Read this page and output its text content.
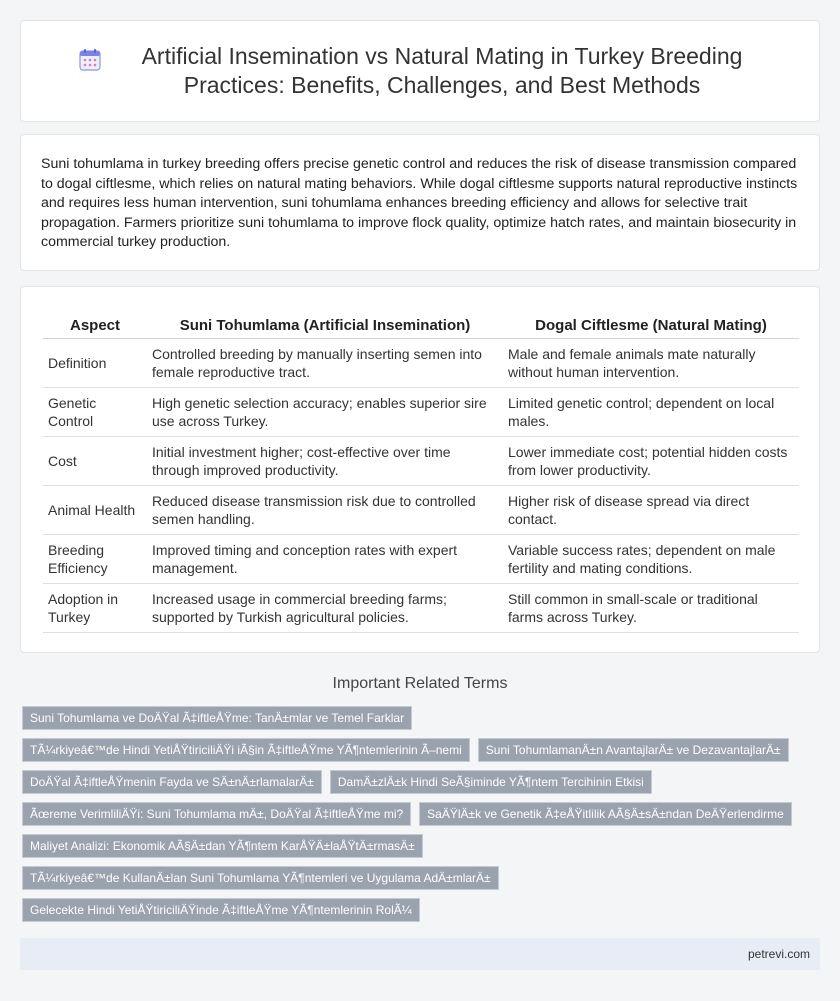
Artificial Insemination vs Natural Mating in Turkey Breeding Practices: Benefits, Challenges, and Best Methods

Suni tohumlama in turkey breeding offers precise genetic control and reduces the risk of disease transmission compared to dogal ciftlesme, which relies on natural mating behaviors. While dogal ciftlesme supports natural reproductive instincts and requires less human intervention, suni tohumlama enhances breeding efficiency and allows for selective trait propagation. Farmers prioritize suni tohumlama to improve flock quality, optimize hatch rates, and maintain biosecurity in commercial turkey production.

Aspect	Suni Tohumlama (Artificial Insemination)	Dogal Ciftlesme (Natural Mating)
Definition	Controlled breeding by manually inserting semen into female reproductive tract.	Male and female animals mate naturally without human intervention.
Genetic Control	High genetic selection accuracy; enables superior sire use across Turkey.	Limited genetic control; dependent on local males.
Cost	Initial investment higher; cost-effective over time through improved productivity.	Lower immediate cost; potential hidden costs from lower productivity.
Animal Health	Reduced disease transmission risk due to controlled semen handling.	Higher risk of disease spread via direct contact.
Breeding Efficiency	Improved timing and conception rates with expert management.	Variable success rates; dependent on male fertility and mating conditions.
Adoption in Turkey	Increased usage in commercial breeding farms; supported by Turkish agricultural policies.	Still common in small-scale or traditional farms across Turkey.
Important Related Terms
Suni Tohumlama ve DoÄŸal Ã‡iftleÅŸme: TanÄ±mlar ve Temel Farklar
TÃ¼rkiyeâ€™de Hindi YetiÅŸtiriciliÄŸi iÃ§in Ã‡iftleÅŸme YÃ¶ntemlerinin Ã–nemi	Suni TohumlamanÄ±n AvantajlarÄ± ve DezavantajlarÄ±
DoÄŸal Ã‡iftleÅŸmenin Fayda ve SÄ±nÄ±rlamalarÄ±	DamÄ±zlÄ±k Hindi SeÃ§iminde YÃ¶ntem Tercihinin Etkisi
Ãœreme VerimliliÄŸi: Suni Tohumlama mÄ±, DoÄŸal Ã‡iftleÅŸme mi?	SaÄŸlÄ±k ve Genetik Ã‡eÅŸitlilik AÃ§Ä±sÄ±ndan DeÄŸerlendirme
Maliyet Analizi: Ekonomik AÃ§Ä±dan YÃ¶ntem KarÅŸÄ±laÅŸtÄ±rmasÄ±
TÃ¼rkiyeâ€™de KullanÄ±lan Suni Tohumlama YÃ¶ntemleri ve Uygulama AdÄ±mlarÄ±
Gelecekte Hindi YetiÅŸtiriciliÄŸinde Ã‡iftleÅŸme YÃ¶ntemlerinin RolÃ¼
petrevi.com
